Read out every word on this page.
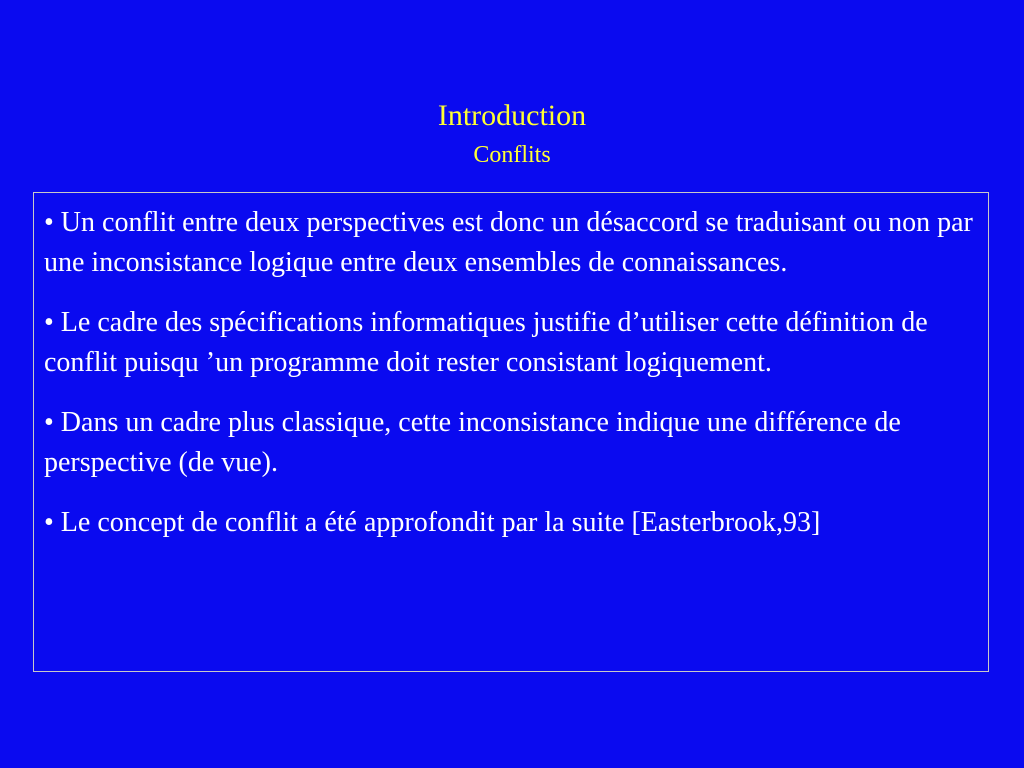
Introduction
Conflits

• Un conflit entre deux perspectives est donc un désaccord se traduisant ou non par une inconsistance logique entre deux ensembles de connaissances.

• Le cadre des spécifications informatiques justifie d’utiliser cette définition de conflit puisqu ’un programme doit rester consistant logiquement.

• Dans un cadre plus classique, cette inconsistance indique une différence de perspective (de vue).

• Le concept de conflit a été approfondit par la suite [Easterbrook,93]
